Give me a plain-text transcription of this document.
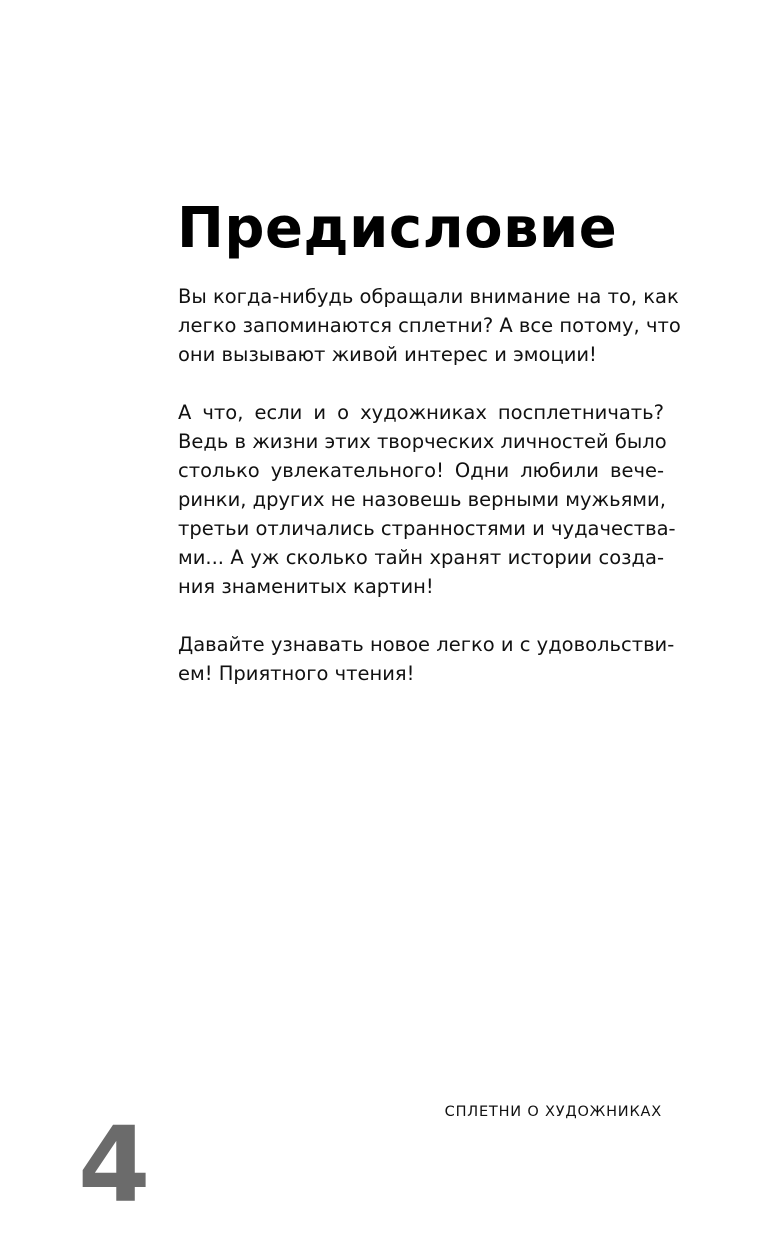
Предисловие

Вы когда-нибудь обращали внимание на то, как
легко запоминаются сплетни? А все потому, что
они вызывают живой интерес и эмоции!

А что, если и о художниках посплетничать?
Ведь в жизни этих творческих личностей было
столько увлекательного! Одни любили вече-
ринки, других не назовешь верными мужьями,
третьи отличались странностями и чудачества-
ми... А уж сколько тайн хранят истории созда-
ния знаменитых картин!

Давайте узнавать новое легко и с удовольстви-
ем! Приятного чтения!

СПЛЕТНИ О ХУДОЖНИКАХ
4
